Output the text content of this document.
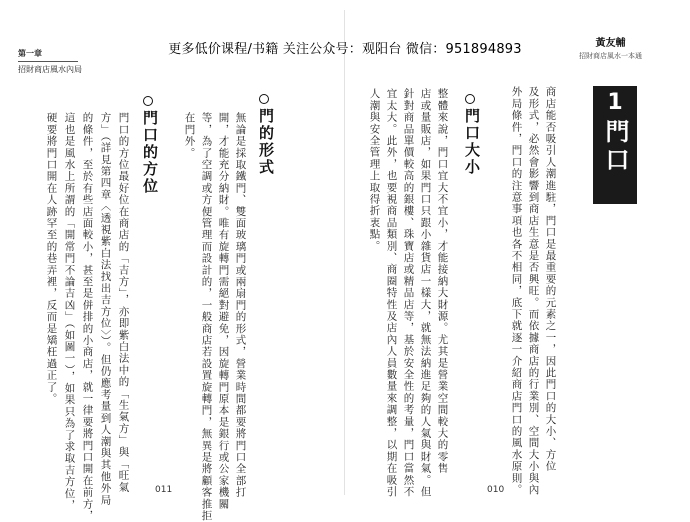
更多低价课程/书籍 关注公众号：观阳台 微信：951894893
第一章
招財商店風水內局
門的形式
無論是採取鐵門、雙面玻璃門或兩扇門的形式，營業時間都要將門口全部打
開，才能充分納財。唯有旋轉門需絕對避免，因旋轉門原本是銀行或公家機關
等，為了空調或方便管理而設計的，一般商店若設置旋轉門，無異是將顧客推拒
在門外。
門口的方位
門口的方位最好位在商店的「吉方」，亦即紫白法中的「生氣方」與「旺氣
方」（詳見第四章〈透視紫白法找出吉方位〉）。但仍應考量到人潮與其他外局
的條件，至於有些店面較小，甚至是併排的小商店，就一律要將門口開在前方，
這也是風水上所謂的「開常門不論吉凶」（如圖一），如果只為了求取吉方位，
硬要將門口開在人跡罕至的巷弄裡，反而是矯枉過正了。
011
黃友輔
招財商店風水一本通
1
門口
商店能否吸引人潮進駐，門口是最重要的元素之一，因此門口的大小、方位
及形式，必然會影響到商店生意是否興旺。而依據商店的行業別、空間大小與內
外局條件，門口的注意事項也各不相同，底下就逐一介紹商店門口的風水原則。
門口大小
整體來說，門口宜大不宜小，才能接納大財源。尤其是營業空間較大的零售
店或量販店，如果門口只跟小雜貨店一樣大，就無法納進足夠的人氣與財氣。但
針對商品單價較高的銀樓、珠寶店或精品店等，基於安全性的考量，門口當然不
宜太大。此外，也要視商品類別、商圈特性及店內人員數量來調整，以期在吸引
人潮與安全管理上取得折衷點。
010
